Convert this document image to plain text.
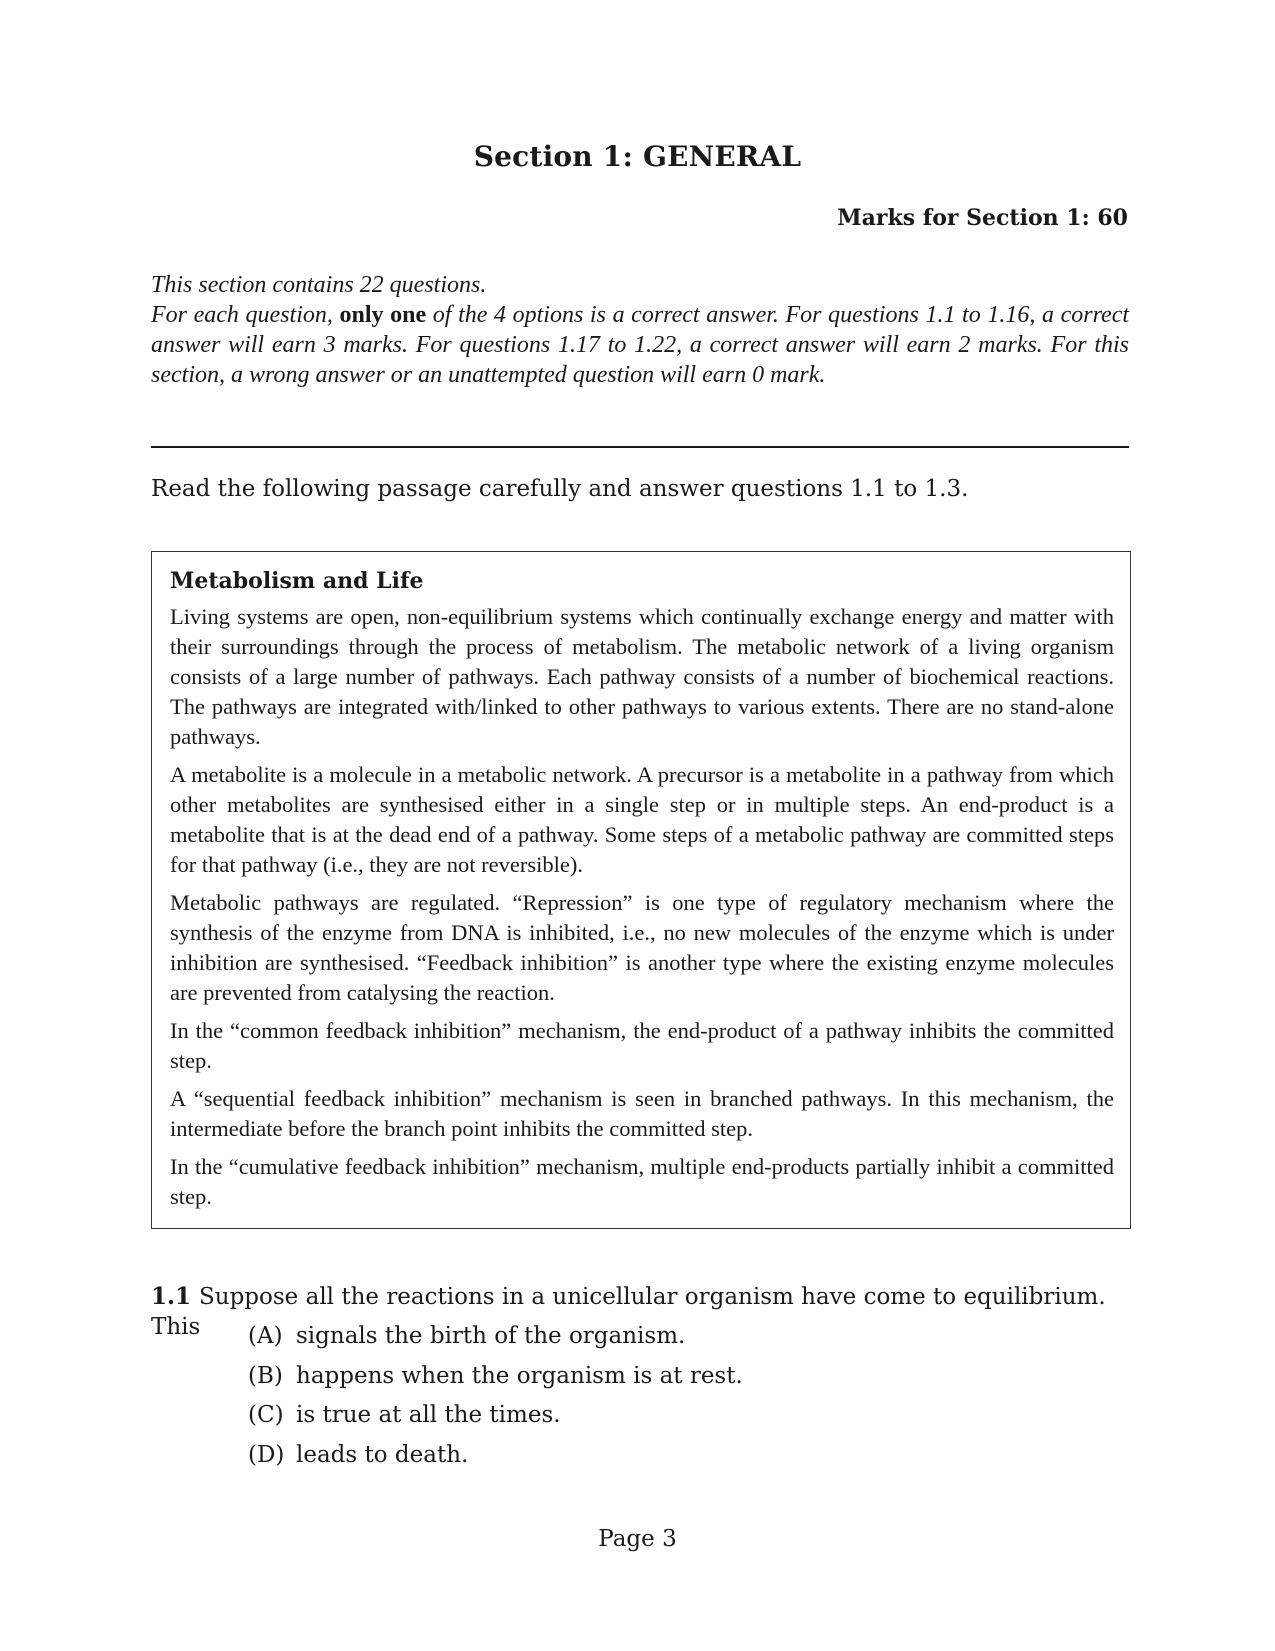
Section 1: GENERAL
Marks for Section 1: 60

This section contains 22 questions.

For each question, only one of the 4 options is a correct answer. For questions 1.1 to 1.16, a correct answer will earn 3 marks. For questions 1.17 to 1.22, a correct answer will earn 2 marks. For this section, a wrong answer or an unattempted question will earn 0 mark.

Read the following passage carefully and answer questions 1.1 to 1.3.
Metabolism and Life

Living systems are open, non-equilibrium systems which continually exchange energy and matter with their surroundings through the process of metabolism. The metabolic network of a living organism consists of a large number of pathways. Each pathway consists of a number of biochemical reactions. The pathways are integrated with/linked to other pathways to various extents. There are no stand-alone pathways.

A metabolite is a molecule in a metabolic network. A precursor is a metabolite in a pathway from which other metabolites are synthesised either in a single step or in multiple steps. An end-product is a metabolite that is at the dead end of a pathway. Some steps of a metabolic pathway are committed steps for that pathway (i.e., they are not reversible).

Metabolic pathways are regulated. “Repression” is one type of regulatory mechanism where the synthesis of the enzyme from DNA is inhibited, i.e., no new molecules of the enzyme which is under inhibition are synthesised. “Feedback inhibition” is another type where the existing enzyme molecules are prevented from catalysing the reaction.

In the “common feedback inhibition” mechanism, the end-product of a pathway inhibits the committed step.

A “sequential feedback inhibition” mechanism is seen in branched pathways. In this mechanism, the intermediate before the branch point inhibits the committed step.

In the “cumulative feedback inhibition” mechanism, multiple end-products partially inhibit a committed step.

1.1 Suppose all the reactions in a unicellular organism have come to equilibrium. This	(A) signals the birth of the organism.
(B) happens when the organism is at rest.
(C) is true at all the times.
(D) leads to death.
Page 3
